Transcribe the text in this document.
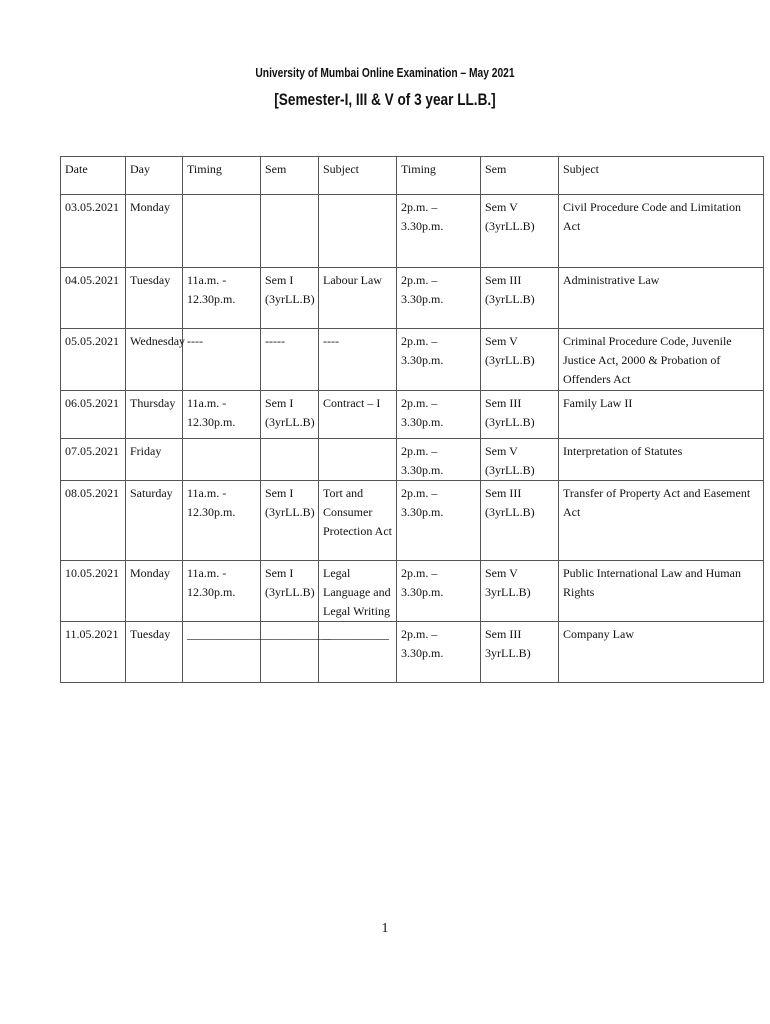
University of Mumbai Online Examination – May 2021
[Semester-I, III & V of 3 year LL.B.]
Date	Day	Timing	Sem	Subject	Timing	Sem	Subject
03.05.2021	Monday				2p.m. – 3.30p.m.	Sem V (3yrLL.B)	Civil Procedure Code and Limitation Act
04.05.2021	Tuesday	11a.m. - 12.30p.m.	Sem I (3yrLL.B)	Labour Law	2p.m. – 3.30p.m.	Sem III (3yrLL.B)	Administrative Law
05.05.2021	Wednesday	----	-----	----	2p.m. – 3.30p.m.	Sem V (3yrLL.B)	Criminal Procedure Code, Juvenile Justice Act, 2000 & Probation of Offenders Act
06.05.2021	Thursday	11a.m. - 12.30p.m.	Sem I (3yrLL.B)	Contract – I	2p.m. – 3.30p.m.	Sem III (3yrLL.B)	Family Law II
07.05.2021	Friday				2p.m. – 3.30p.m.	Sem V (3yrLL.B)	Interpretation of Statutes
08.05.2021	Saturday	11a.m. - 12.30p.m.	Sem I (3yrLL.B)	Tort and Consumer Protection Act	2p.m. – 3.30p.m.	Sem III (3yrLL.B)	Transfer of Property Act and Easement Act
10.05.2021	Monday	11a.m. - 12.30p.m.	Sem I (3yrLL.B)	Legal Language and Legal Writing	2p.m. – 3.30p.m.	Sem V 3yrLL.B)	Public International Law and Human Rights
11.05.2021	Tuesday	_____________	___________	___________	2p.m. – 3.30p.m.	Sem III 3yrLL.B)	Company Law
1
